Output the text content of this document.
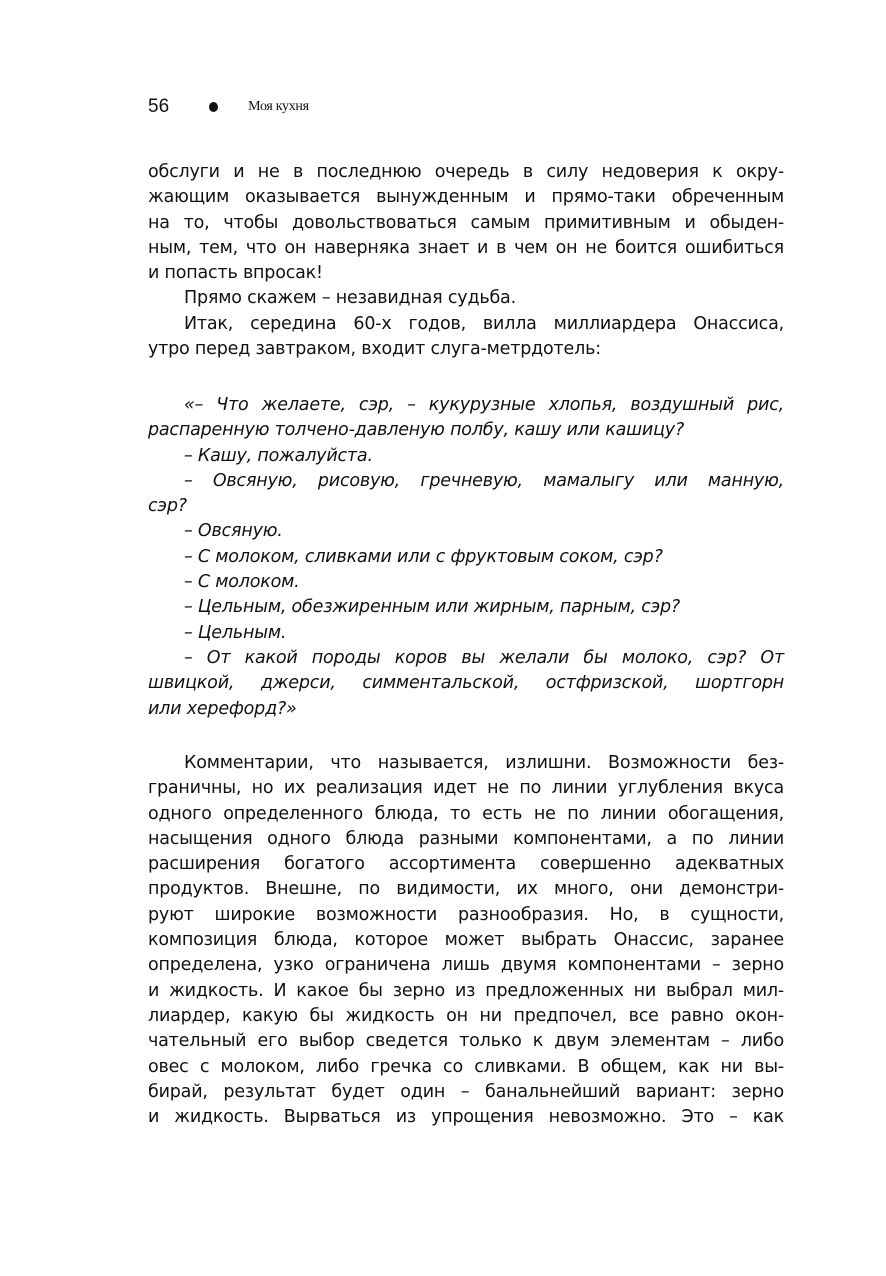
56	Моя кухня
обслуги и не в последнюю очередь в силу недоверия к окру-
жающим оказывается вынужденным и прямо-таки обреченным
на то, чтобы довольствоваться самым примитивным и обыден-
ным, тем, что он наверняка знает и в чем он не боится ошибиться
и попасть впросак!
Прямо скажем – незавидная судьба.
Итак, середина 60-х годов, вилла миллиардера Онассиса,
утро перед завтраком, входит слуга-метрдотель:
«– Что желаете, сэр, – кукурузные хлопья, воздушный рис,
распаренную толчено-давленую полбу, кашу или кашицу?
– Кашу, пожалуйста.
– Овсяную, рисовую, гречневую, мамалыгу или манную,
сэр?
– Овсяную.
– С молоком, сливками или с фруктовым соком, сэр?
– С молоком.
– Цельным, обезжиренным или жирным, парным, сэр?
– Цельным.
– От какой породы коров вы желали бы молоко, сэр? От
швицкой, джерси, симментальской, остфризской, шортгорн
или херефорд?»
Комментарии, что называется, излишни. Возможности без-
граничны, но их реализация идет не по линии углубления вкуса
одного определенного блюда, то есть не по линии обогащения,
насыщения одного блюда разными компонентами, а по линии
расширения богатого ассортимента совершенно адекватных
продуктов. Внешне, по видимости, их много, они демонстри-
руют широкие возможности разнообразия. Но, в сущности,
композиция блюда, которое может выбрать Онассис, заранее
определена, узко ограничена лишь двумя компонентами – зерно
и жидкость. И какое бы зерно из предложенных ни выбрал мил-
лиардер, какую бы жидкость он ни предпочел, все равно окон-
чательный его выбор сведется только к двум элементам – либо
овес с молоком, либо гречка со сливками. В общем, как ни вы-
бирай, результат будет один – банальнейший вариант: зерно
и жидкость. Вырваться из упрощения невозможно. Это – как
